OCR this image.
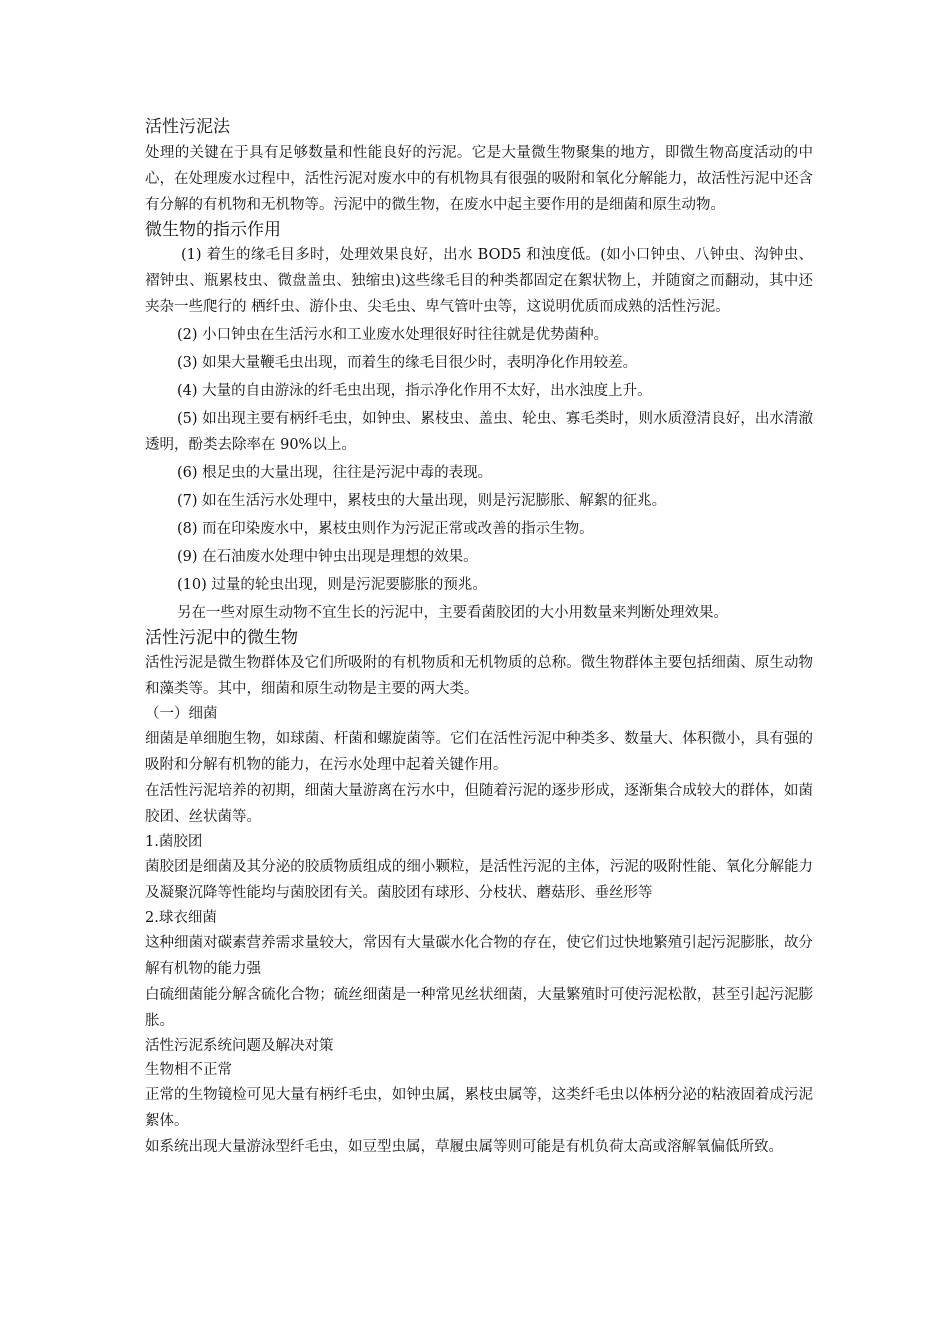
活性污泥法

处理的关键在于具有足够数量和性能良好的污泥。它是大量微生物聚集的地方，即微生物高度活动的中心，在处理废水过程中，活性污泥对废水中的有机物具有很强的吸附和氧化分解能力，故活性污泥中还含有分解的有机物和无机物等。污泥中的微生物，在废水中起主要作用的是细菌和原生动物。

微生物的指示作用

(1) 着生的缘毛目多时，处理效果良好，出水 BOD5 和浊度低。(如小口钟虫、八钟虫、沟钟虫、褶钟虫、瓶累枝虫、微盘盖虫、独缩虫)这些缘毛目的种类都固定在絮状物上，并随窗之而翻动，其中还夹杂一些爬行的 栖纤虫、游仆虫、尖毛虫、卑气管叶虫等，这说明优质而成熟的活性污泥。

(2) 小口钟虫在生活污水和工业废水处理很好时往往就是优势菌种。

(3) 如果大量鞭毛虫出现，而着生的缘毛目很少时，表明净化作用较差。

(4) 大量的自由游泳的纤毛虫出现，指示净化作用不太好，出水浊度上升。

(5) 如出现主要有柄纤毛虫，如钟虫、累枝虫、盖虫、轮虫、寡毛类时，则水质澄清良好，出水清澈透明，酚类去除率在 90%以上。

(6) 根足虫的大量出现，往往是污泥中毒的表现。

(7) 如在生活污水处理中，累枝虫的大量出现，则是污泥膨胀、解絮的征兆。

(8) 而在印染废水中，累枝虫则作为污泥正常或改善的指示生物。

(9) 在石油废水处理中钟虫出现是理想的效果。

(10) 过量的轮虫出现，则是污泥要膨胀的预兆。

另在一些对原生动物不宜生长的污泥中，主要看菌胶团的大小用数量来判断处理效果。

活性污泥中的微生物

活性污泥是微生物群体及它们所吸附的有机物质和无机物质的总称。微生物群体主要包括细菌、原生动物和藻类等。其中，细菌和原生动物是主要的两大类。

（一）细菌

细菌是单细胞生物，如球菌、杆菌和螺旋菌等。它们在活性污泥中种类多、数量大、体积微小，具有强的吸附和分解有机物的能力，在污水处理中起着关键作用。

在活性污泥培养的初期，细菌大量游离在污水中，但随着污泥的逐步形成，逐渐集合成较大的群体，如菌胶团、丝状菌等。

1.菌胶团

菌胶团是细菌及其分泌的胶质物质组成的细小颗粒，是活性污泥的主体，污泥的吸附性能、氧化分解能力及凝聚沉降等性能均与菌胶团有关。菌胶团有球形、分枝状、蘑菇形、垂丝形等

2.球衣细菌

这种细菌对碳素营养需求量较大，常因有大量碳水化合物的存在，使它们过快地繁殖引起污泥膨胀，故分解有机物的能力强

白硫细菌能分解含硫化合物；硫丝细菌是一种常见丝状细菌，大量繁殖时可使污泥松散，甚至引起污泥膨胀。

活性污泥系统问题及解决对策
生物相不正常

正常的生物镜检可见大量有柄纤毛虫，如钟虫属，累枝虫属等，这类纤毛虫以体柄分泌的粘液固着成污泥絮体。

如系统出现大量游泳型纤毛虫，如豆型虫属，草履虫属等则可能是有机负荷太高或溶解氧偏低所致。
